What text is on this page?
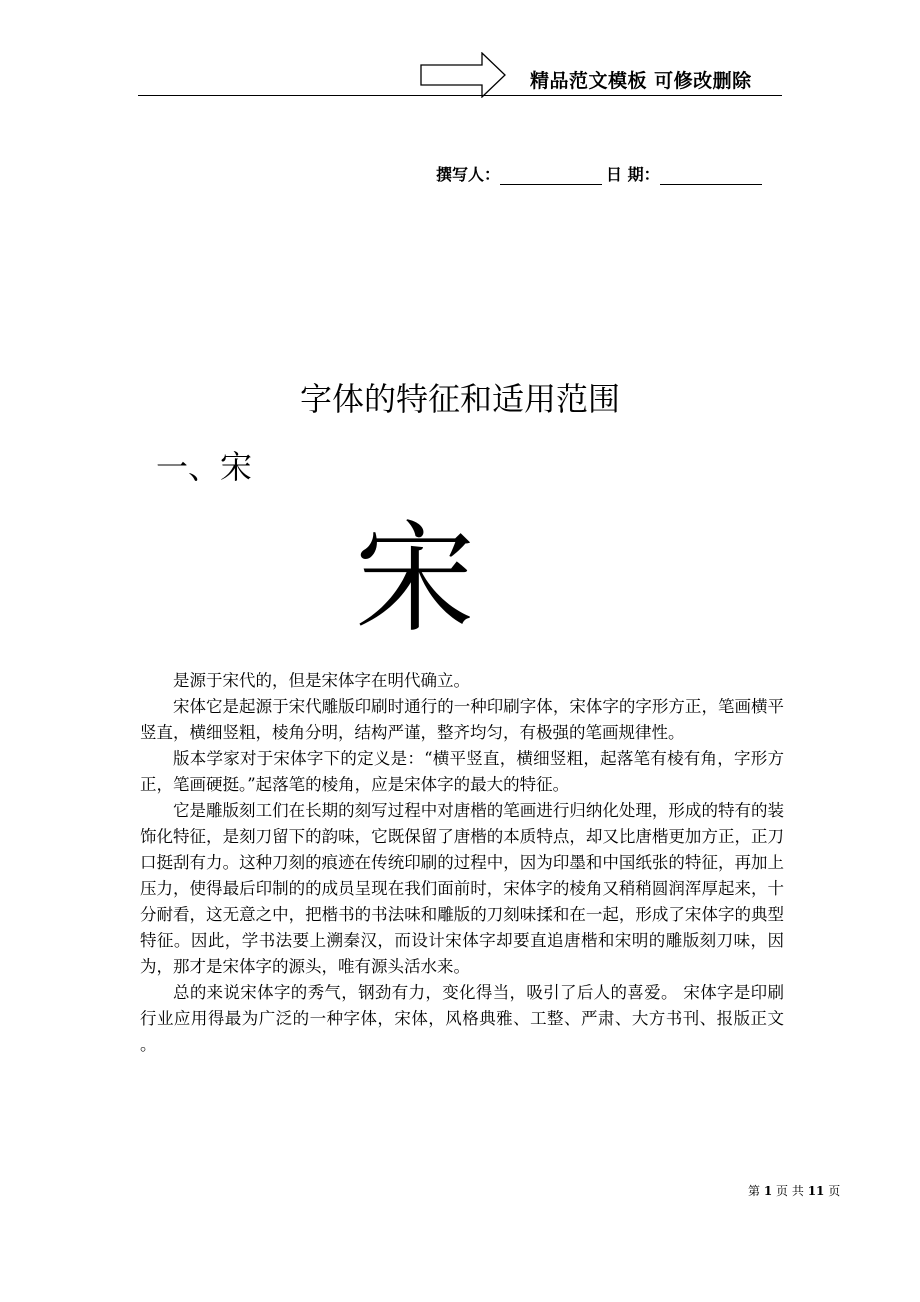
精品范文模板 可修改删除
撰写人：	日 期：
字体的特征和适用范围
一、宋
宋

是源于宋代的，但是宋体字在明代确立。

宋体它是起源于宋代雕版印刷时通行的一种印刷字体，宋体字的字形方正，笔画横平竖直，横细竖粗，棱角分明，结构严谨，整齐均匀，有极强的笔画规律性。

版本学家对于宋体字下的定义是：“横平竖直，横细竖粗，起落笔有棱有角，字形方正，笔画硬挺。”起落笔的棱角，应是宋体字的最大的特征。

它是雕版刻工们在长期的刻写过程中对唐楷的笔画进行归纳化处理，形成的特有的装饰化特征，是刻刀留下的韵味，它既保留了唐楷的本质特点，却又比唐楷更加方正，正刀口挺刮有力。这种刀刻的痕迹在传统印刷的过程中，因为印墨和中国纸张的特征，再加上压力，使得最后印制的的成员呈现在我们面前时，宋体字的棱角又稍稍圆润浑厚起来，十分耐看，这无意之中，把楷书的书法味和雕版的刀刻味揉和在一起，形成了宋体字的典型特征。因此，学书法要上溯秦汉，而设计宋体字却要直追唐楷和宋明的雕版刻刀味，因为，那才是宋体字的源头，唯有源头活水来。

总的来说宋体字的秀气，钢劲有力，变化得当，吸引了后人的喜爱。 宋体字是印刷行业应用得最为广泛的一种字体，宋体，风格典雅、工整、严肃、大方书刊、报版正文 。

第 1 页 共 11 页
